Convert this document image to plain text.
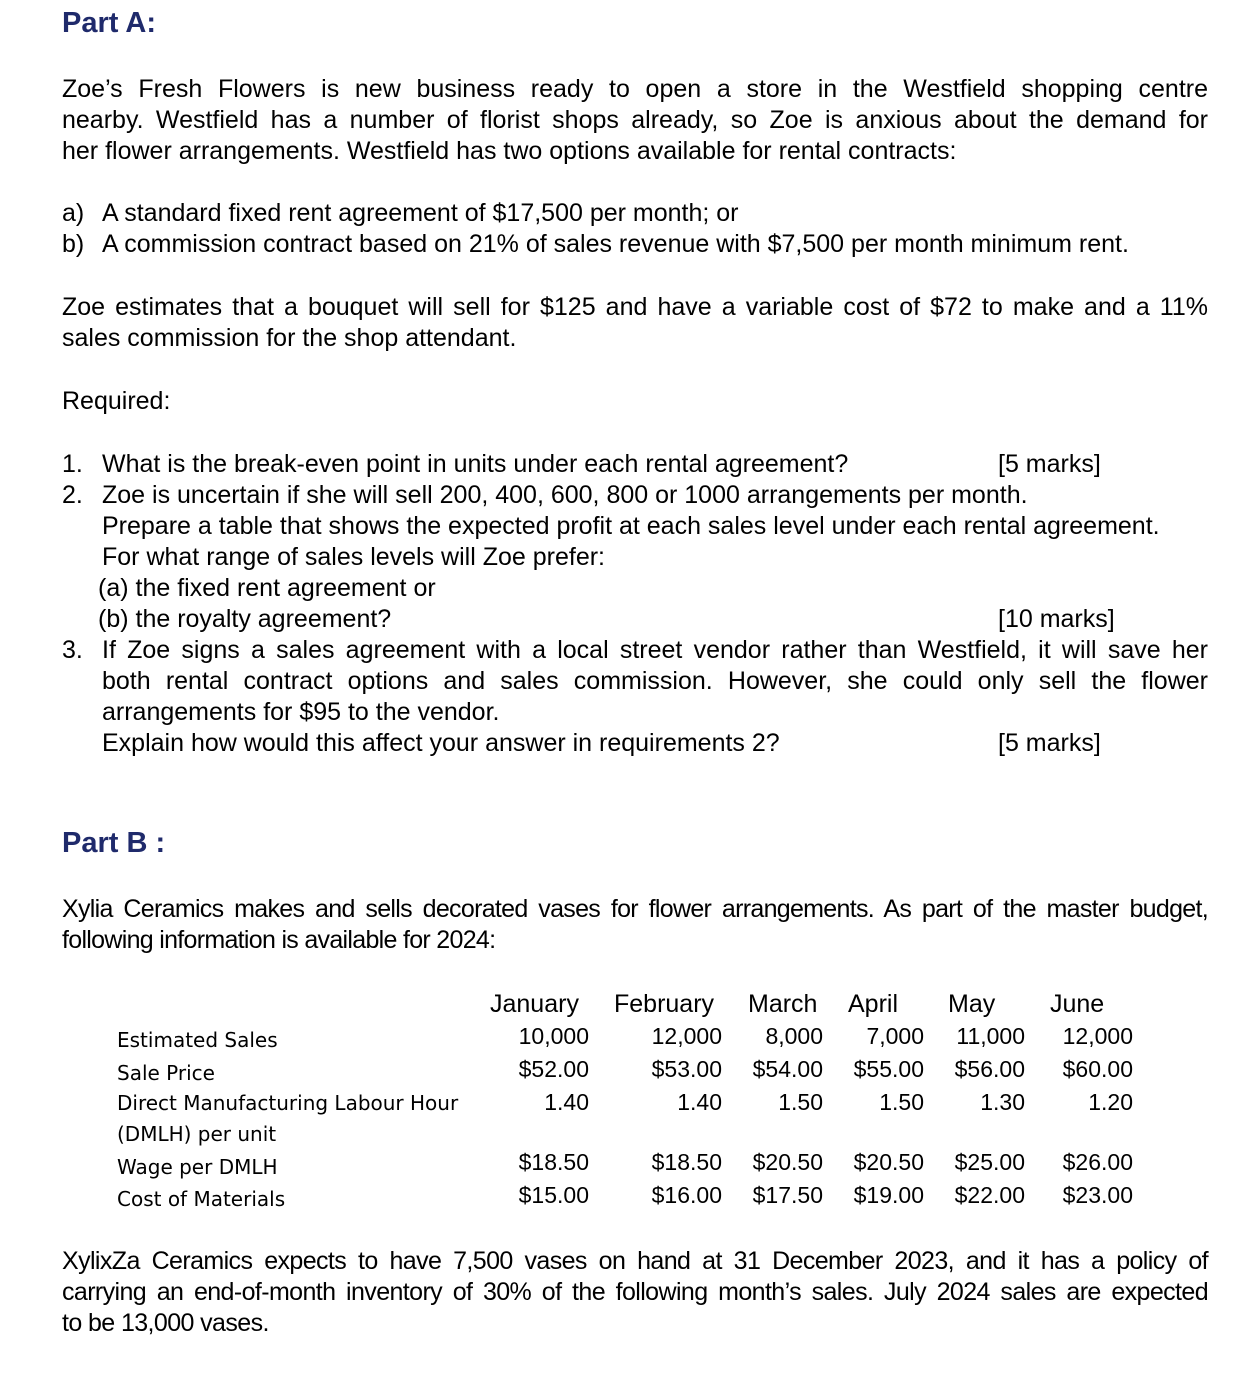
Part A:
Zoe’s Fresh Flowers is new business ready to open a store in the Westfield shopping centre
nearby. Westfield has a number of florist shops already, so Zoe is anxious about the demand for
her flower arrangements. Westfield has two options available for rental contracts:
a) A standard fixed rent agreement of $17,500 per month; or
b) A commission contract based on 21% of sales revenue with $7,500 per month minimum rent.
Zoe estimates that a bouquet will sell for $125 and have a variable cost of $72 to make and a 11%
sales commission for the shop attendant.
Required:
1. What is the break-even point in units under each rental agreement?	[5 marks]
2. Zoe is uncertain if she will sell 200, 400, 600, 800 or 1000 arrangements per month.
Prepare a table that shows the expected profit at each sales level under each rental agreement.
For what range of sales levels will Zoe prefer:
(a) the fixed rent agreement or
(b) the royalty agreement?	[10 marks]
3. If Zoe signs a sales agreement with a local street vendor rather than Westfield, it will save her
both rental contract options and sales commission. However, she could only sell the flower
arrangements for $95 to the vendor.
Explain how would this affect your answer in requirements 2?	[5 marks]
Part B :
Xylia Ceramics makes and sells decorated vases for flower arrangements. As part of the master budget,
following information is available for 2024:
January February March April May June
Estimated Sales	10,000	12,000 8,000 7,000 11,000 12,000
Sale Price	$52.00	$53.00 $54.00 $55.00 $56.00 $60.00
Direct Manufacturing Labour Hour
(DMLH) per unit
1.40	1.40 1.50 1.50 1.30	1.20
Wage per DMLH	$18.50	$18.50 $20.50 $20.50 $25.00 $26.00
Cost of Materials	$15.00	$16.00 $17.50 $19.00 $22.00 $23.00
XylixZa Ceramics expects to have 7,500 vases on hand at 31 December 2023, and it has a policy of
carrying an end-of-month inventory of 30% of the following month’s sales. July 2024 sales are expected
to be 13,000 vases.
